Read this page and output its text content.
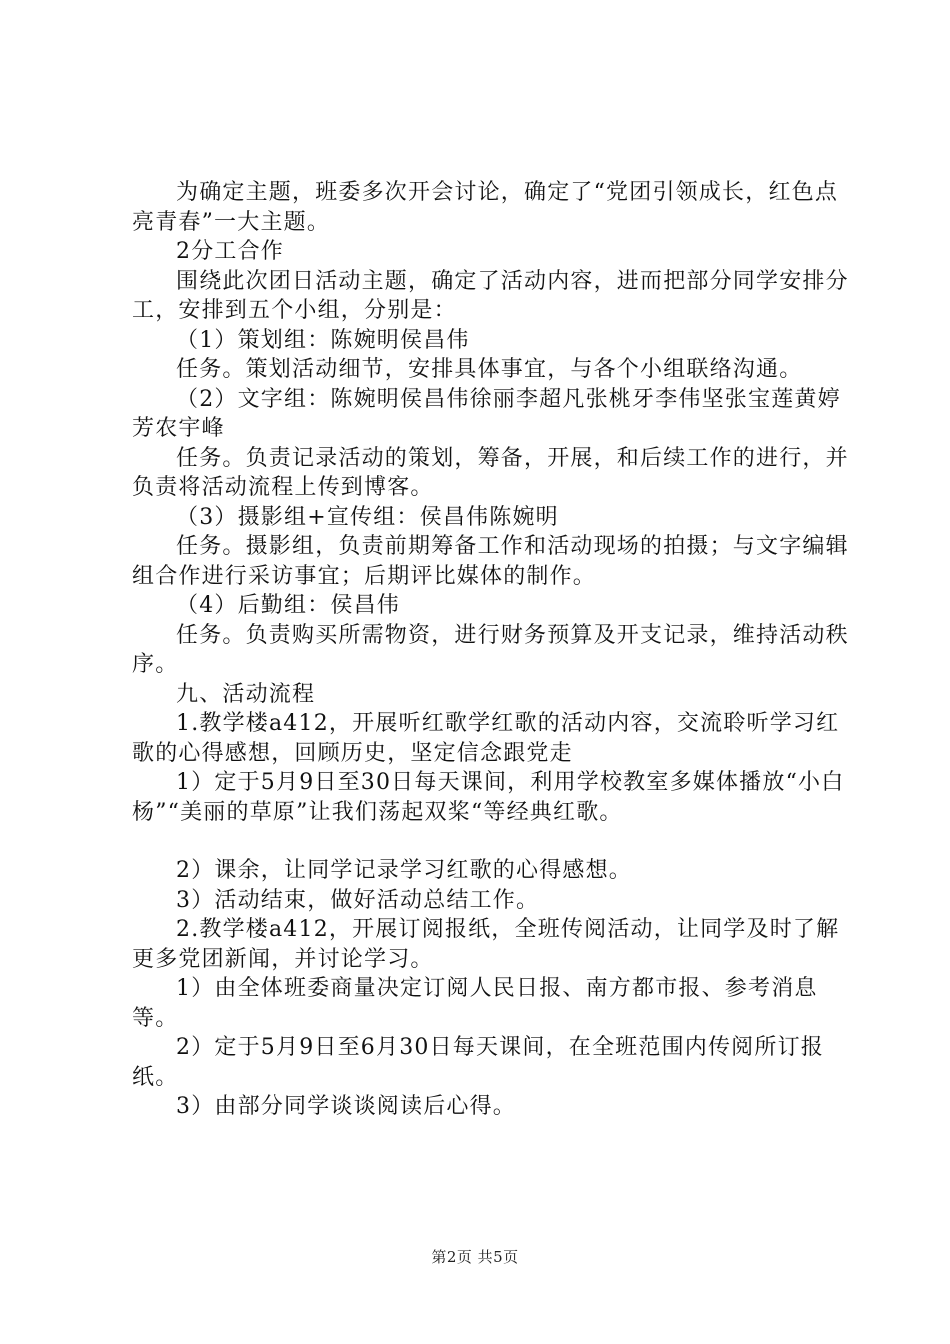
为确定主题，班委多次开会讨论，确定了“党团引领成长，红色点亮青春”一大主题。

2分工合作

围绕此次团日活动主题，确定了活动内容，进而把部分同学安排分工，安排到五个小组，分别是：

（1）策划组：陈婉明侯昌伟

任务。策划活动细节，安排具体事宜，与各个小组联络沟通。

（2）文字组：陈婉明侯昌伟徐丽李超凡张桃牙李伟坚张宝莲黄婷芳农宇峰

任务。负责记录活动的策划，筹备，开展，和后续工作的进行，并负责将活动流程上传到博客。

（3）摄影组+宣传组：侯昌伟陈婉明

任务。摄影组，负责前期筹备工作和活动现场的拍摄；与文字编辑组合作进行采访事宜；后期评比媒体的制作。

（4）后勤组：侯昌伟

任务。负责购买所需物资，进行财务预算及开支记录，维持活动秩序。

九、活动流程

1.教学楼a412，开展听红歌学红歌的活动内容，交流聆听学习红歌的心得感想，回顾历史，坚定信念跟党走

1）定于5月9日至30日每天课间，利用学校教室多媒体播放“小白杨”“美丽的草原”让我们荡起双桨“等经典红歌。

2）课余，让同学记录学习红歌的心得感想。

3）活动结束，做好活动总结工作。

2.教学楼a412，开展订阅报纸，全班传阅活动，让同学及时了解更多党团新闻，并讨论学习。

1）由全体班委商量决定订阅人民日报、南方都市报、参考消息等。

2）定于5月9日至6月30日每天课间，在全班范围内传阅所订报纸。

3）由部分同学谈谈阅读后心得。

第2页 共5页
